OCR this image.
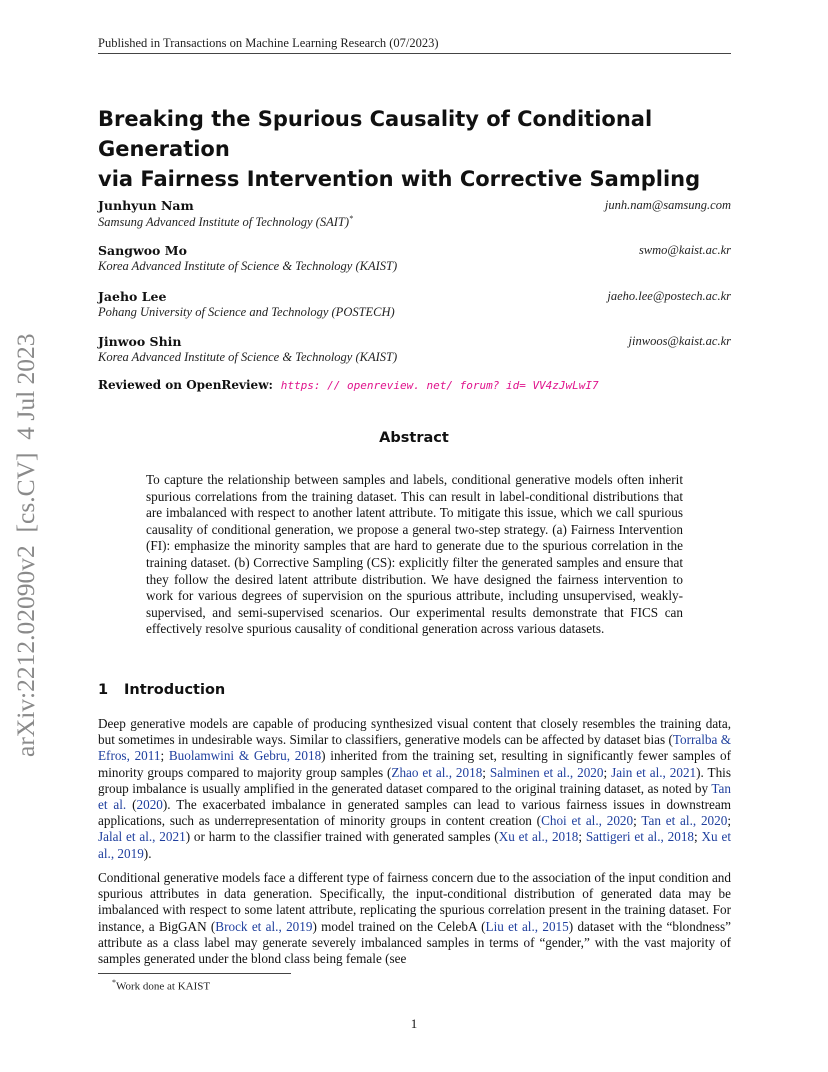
Published in Transactions on Machine Learning Research (07/2023)
arXiv:2212.02090v2  [cs.CV]  4 Jul 2023
Breaking the Spurious Causality of Conditional Generation
via Fairness Intervention with Corrective Sampling
Junhyun Nam
Samsung Advanced Institute of Technology (SAIT)*
junh.nam@samsung.com
Sangwoo Mo
Korea Advanced Institute of Science & Technology (KAIST)
swmo@kaist.ac.kr
Jaeho Lee
Pohang University of Science and Technology (POSTECH)
jaeho.lee@postech.ac.kr
Jinwoo Shin
Korea Advanced Institute of Science & Technology (KAIST)
jinwoos@kaist.ac.kr
Reviewed on OpenReview: https: // openreview. net/ forum? id= VV4zJwLwI7
Abstract
To capture the relationship between samples and labels, conditional generative models often inherit spurious correlations from the training dataset. This can result in label-conditional distributions that are imbalanced with respect to another latent attribute. To mitigate this issue, which we call spurious causality of conditional generation, we propose a general two-step strategy. (a) Fairness Intervention (FI): emphasize the minority samples that are hard to generate due to the spurious correlation in the training dataset. (b) Corrective Sampling (CS): explicitly filter the generated samples and ensure that they follow the desired latent attribute distribution. We have designed the fairness intervention to work for various degrees of supervision on the spurious attribute, including unsupervised, weakly-supervised, and semi-supervised scenarios. Our experimental results demonstrate that FICS can effectively resolve spurious causality of conditional generation across various datasets.
1 Introduction

Deep generative models are capable of producing synthesized visual content that closely resembles the training data, but sometimes in undesirable ways. Similar to classifiers, generative models can be affected by dataset bias (Torralba & Efros, 2011; Buolamwini & Gebru, 2018) inherited from the training set, resulting in significantly fewer samples of minority groups compared to majority group samples (Zhao et al., 2018; Salminen et al., 2020; Jain et al., 2021). This group imbalance is usually amplified in the generated dataset compared to the original training dataset, as noted by Tan et al. (2020). The exacerbated imbalance in generated samples can lead to various fairness issues in downstream applications, such as underrepresentation of minority groups in content creation (Choi et al., 2020; Tan et al., 2020; Jalal et al., 2021) or harm to the classifier trained with generated samples (Xu et al., 2018; Sattigeri et al., 2018; Xu et al., 2019).

Conditional generative models face a different type of fairness concern due to the association of the input condition and spurious attributes in data generation. Specifically, the input-conditional distribution of generated data may be imbalanced with respect to some latent attribute, replicating the spurious correlation present in the training dataset. For instance, a BigGAN (Brock et al., 2019) model trained on the CelebA (Liu et al., 2015) dataset with the “blondness” attribute as a class label may generate severely imbalanced samples in terms of “gender,” with the vast majority of samples generated under the blond class being female (see

*Work done at KAIST
1
